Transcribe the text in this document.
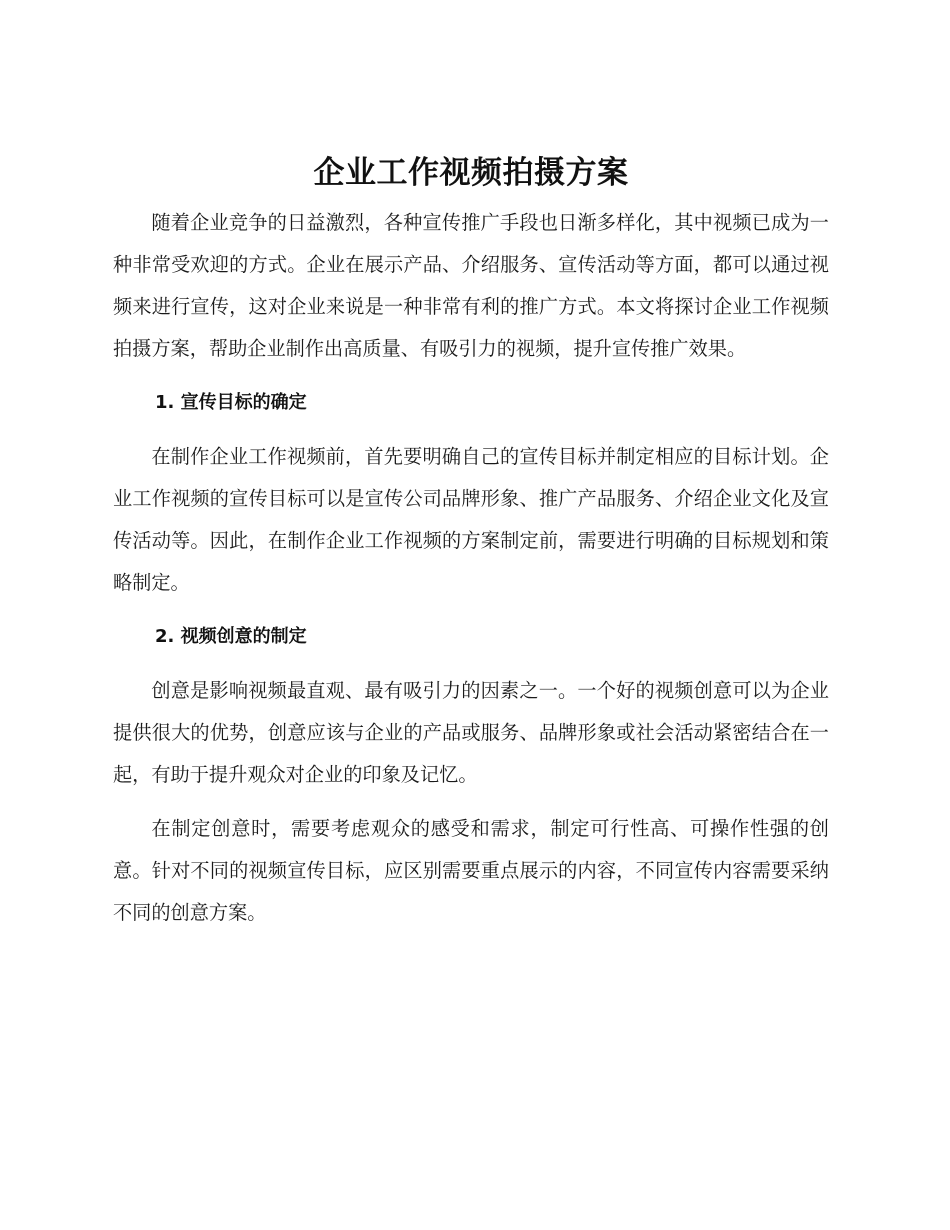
企业工作视频拍摄方案

随着企业竞争的日益激烈，各种宣传推广手段也日渐多样化，其中视频已成为一种非常受欢迎的方式。企业在展示产品、介绍服务、宣传活动等方面，都可以通过视频来进行宣传，这对企业来说是一种非常有利的推广方式。本文将探讨企业工作视频拍摄方案，帮助企业制作出高质量、有吸引力的视频，提升宣传推广效果。

1. 宣传目标的确定

在制作企业工作视频前，首先要明确自己的宣传目标并制定相应的目标计划。企业工作视频的宣传目标可以是宣传公司品牌形象、推广产品服务、介绍企业文化及宣传活动等。因此，在制作企业工作视频的方案制定前，需要进行明确的目标规划和策略制定。

2. 视频创意的制定

创意是影响视频最直观、最有吸引力的因素之一。一个好的视频创意可以为企业提供很大的优势，创意应该与企业的产品或服务、品牌形象或社会活动紧密结合在一起，有助于提升观众对企业的印象及记忆。

在制定创意时，需要考虑观众的感受和需求，制定可行性高、可操作性强的创意。针对不同的视频宣传目标，应区别需要重点展示的内容，不同宣传内容需要采纳不同的创意方案。
